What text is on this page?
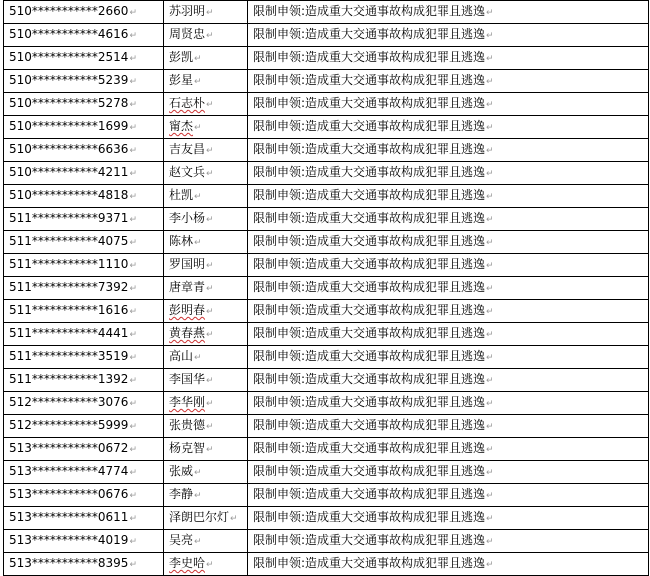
510***********2660↵	苏羽明↵	限制申领:造成重大交通事故构成犯罪且逃逸↵
510***********4616↵	周贤忠↵	限制申领:造成重大交通事故构成犯罪且逃逸↵
510***********2514↵	彭凯↵	限制申领:造成重大交通事故构成犯罪且逃逸↵
510***********5239↵	彭星↵	限制申领:造成重大交通事故构成犯罪且逃逸↵
510***********5278↵	石志朴↵	限制申领:造成重大交通事故构成犯罪且逃逸↵
510***********1699↵	甯杰↵	限制申领:造成重大交通事故构成犯罪且逃逸↵
510***********6636↵	吉友昌↵	限制申领:造成重大交通事故构成犯罪且逃逸↵
510***********4211↵	赵文兵↵	限制申领:造成重大交通事故构成犯罪且逃逸↵
510***********4818↵	杜凯↵	限制申领:造成重大交通事故构成犯罪且逃逸↵
511***********9371↵	李小杨↵	限制申领:造成重大交通事故构成犯罪且逃逸↵
511***********4075↵	陈林↵	限制申领:造成重大交通事故构成犯罪且逃逸↵
511***********1110↵	罗国明↵	限制申领:造成重大交通事故构成犯罪且逃逸↵
511***********7392↵	唐章青↵	限制申领:造成重大交通事故构成犯罪且逃逸↵
511***********1616↵	彭明春↵	限制申领:造成重大交通事故构成犯罪且逃逸↵
511***********4441↵	黄春燕↵	限制申领:造成重大交通事故构成犯罪且逃逸↵
511***********3519↵	高山↵	限制申领:造成重大交通事故构成犯罪且逃逸↵
511***********1392↵	李国华↵	限制申领:造成重大交通事故构成犯罪且逃逸↵
512***********3076↵	李华刚↵	限制申领:造成重大交通事故构成犯罪且逃逸↵
512***********5999↵	张贵德↵	限制申领:造成重大交通事故构成犯罪且逃逸↵
513***********0672↵	杨克智↵	限制申领:造成重大交通事故构成犯罪且逃逸↵
513***********4774↵	张威↵	限制申领:造成重大交通事故构成犯罪且逃逸↵
513***********0676↵	李静↵	限制申领:造成重大交通事故构成犯罪且逃逸↵
513***********0611↵	泽朗巴尔灯↵	限制申领:造成重大交通事故构成犯罪且逃逸↵
513***********4019↵	吴亮↵	限制申领:造成重大交通事故构成犯罪且逃逸↵
513***********8395↵	李史哈↵	限制申领:造成重大交通事故构成犯罪且逃逸↵
